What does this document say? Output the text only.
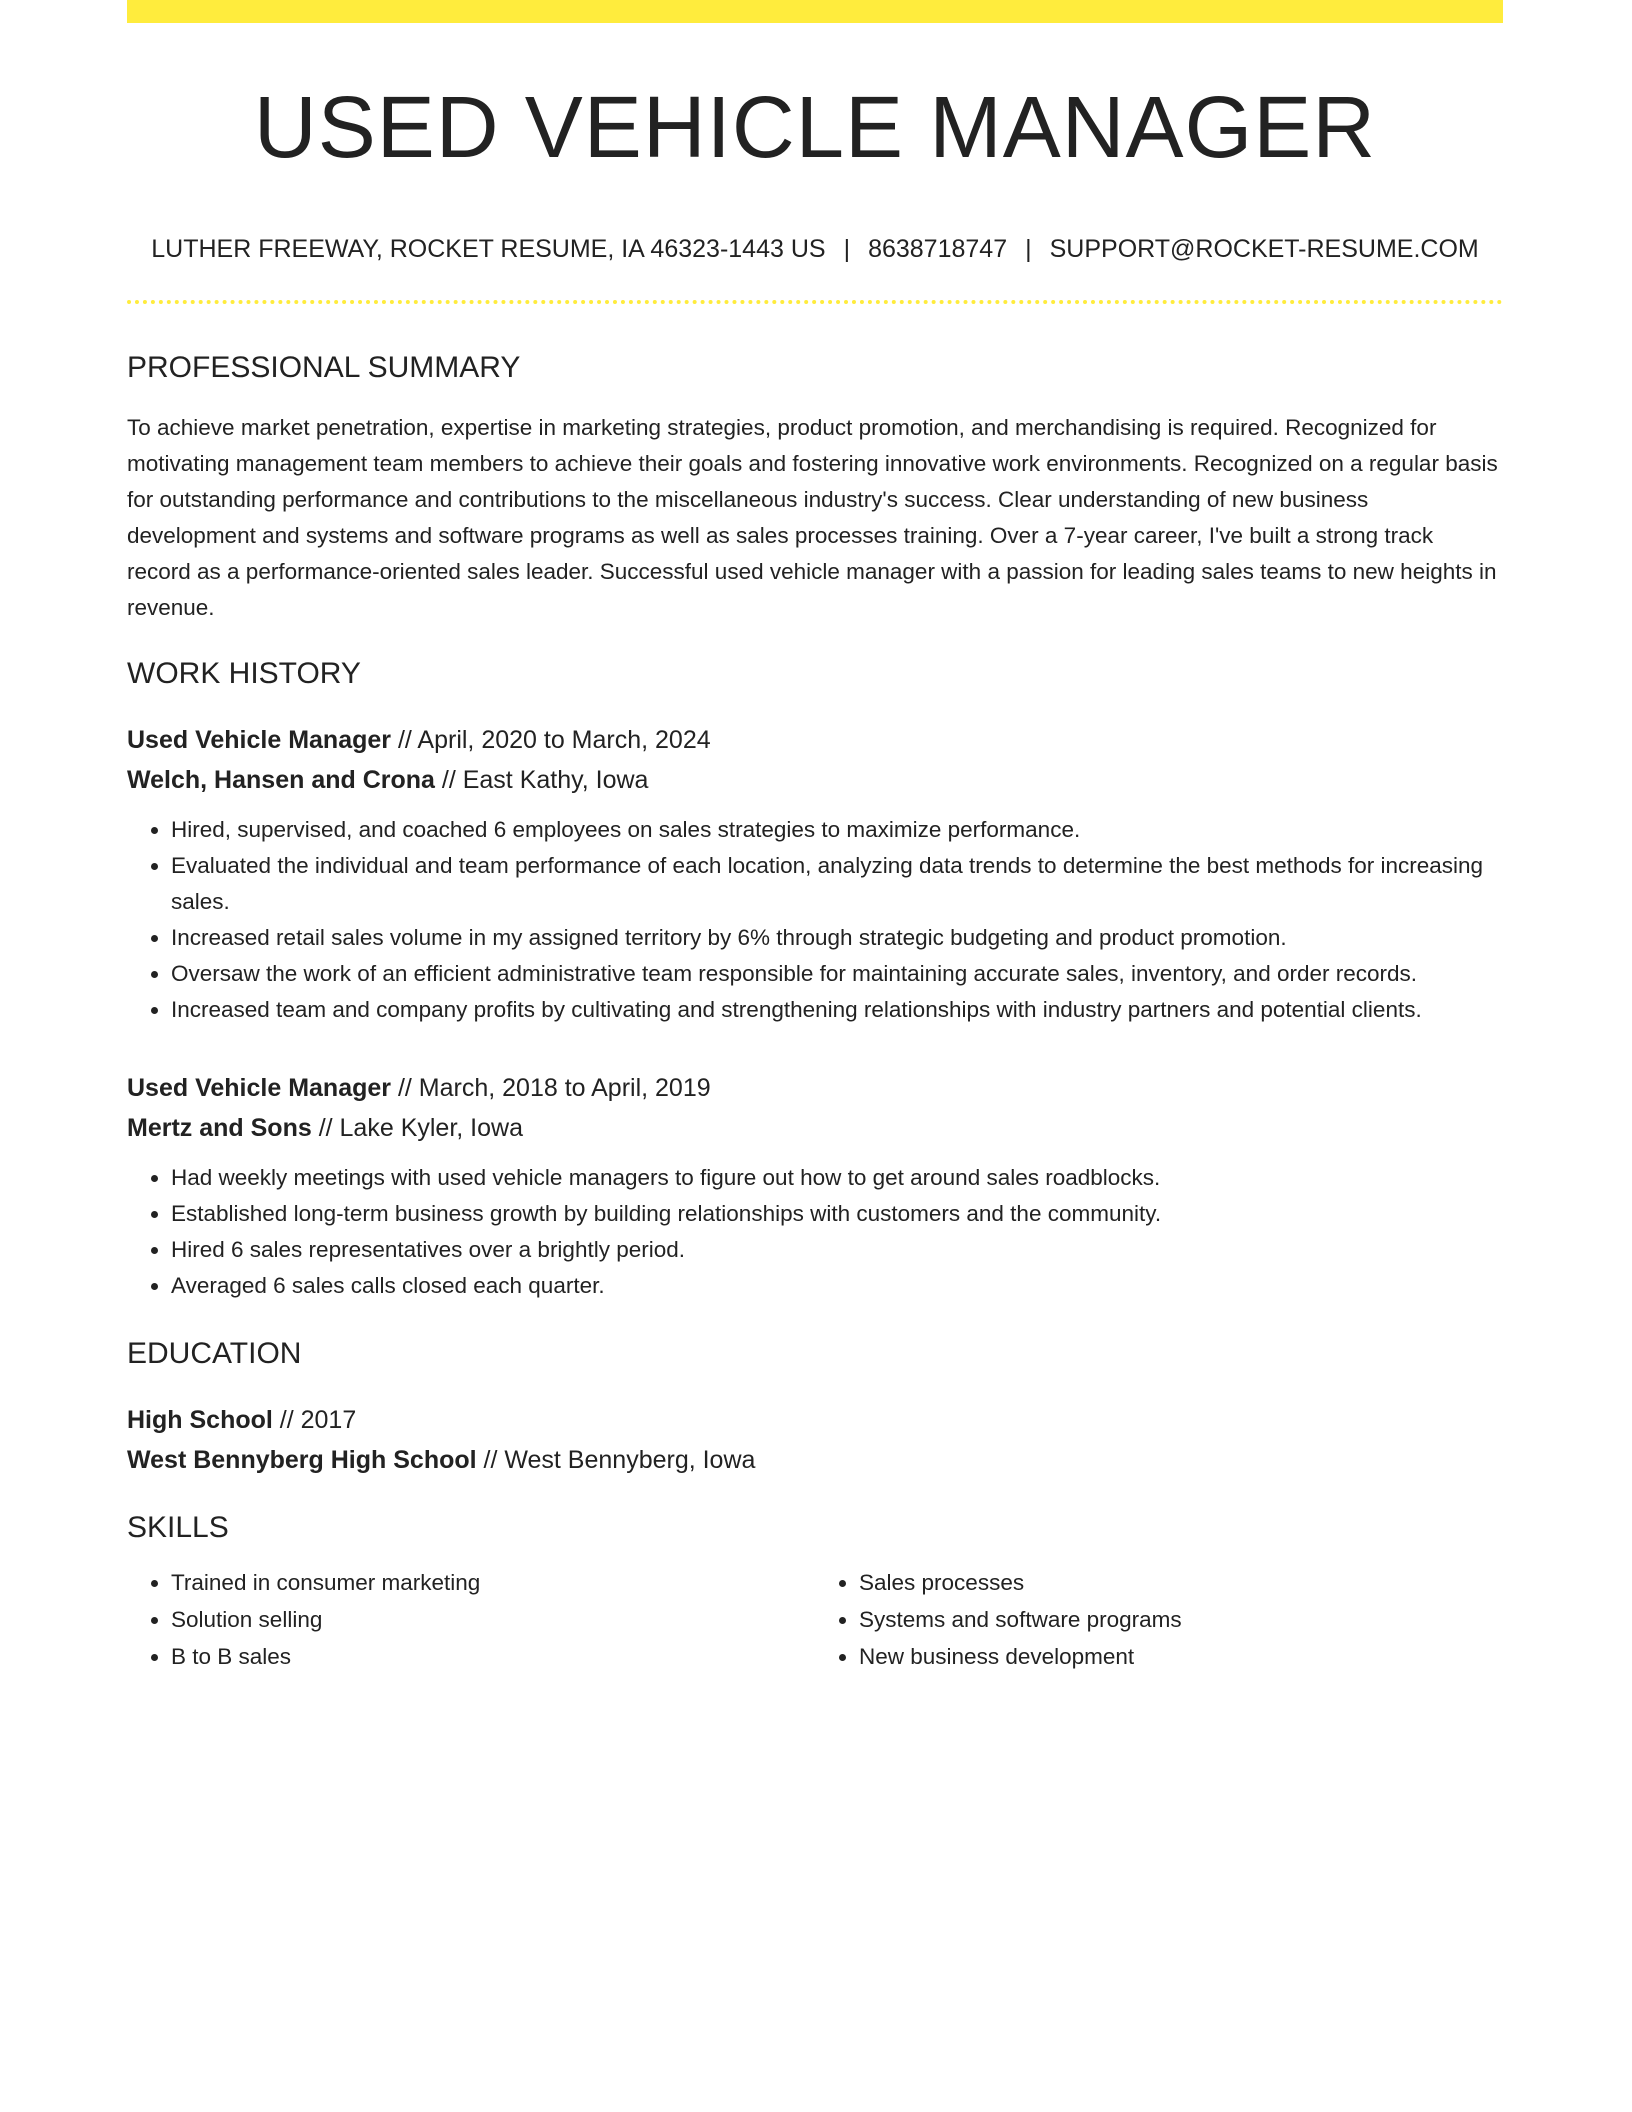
USED VEHICLE MANAGER
LUTHER FREEWAY, ROCKET RESUME, IA 46323-1443 US | 8638718747 | SUPPORT@ROCKET-RESUME.COM
PROFESSIONAL SUMMARY
To achieve market penetration, expertise in marketing strategies, product promotion, and merchandising is required. Recognized for motivating management team members to achieve their goals and fostering innovative work environments. Recognized on a regular basis for outstanding performance and contributions to the miscellaneous industry's success. Clear understanding of new business development and systems and software programs as well as sales processes training. Over a 7-year career, I've built a strong track record as a performance-oriented sales leader. Successful used vehicle manager with a passion for leading sales teams to new heights in revenue.
WORK HISTORY
Used Vehicle Manager // April, 2020 to March, 2024
Welch, Hansen and Crona // East Kathy, Iowa
• Hired, supervised, and coached 6 employees on sales strategies to maximize performance.
• Evaluated the individual and team performance of each location, analyzing data trends to determine the best methods for increasing sales.
• Increased retail sales volume in my assigned territory by 6% through strategic budgeting and product promotion.
• Oversaw the work of an efficient administrative team responsible for maintaining accurate sales, inventory, and order records.
• Increased team and company profits by cultivating and strengthening relationships with industry partners and potential clients.
Used Vehicle Manager // March, 2018 to April, 2019
Mertz and Sons // Lake Kyler, Iowa
• Had weekly meetings with used vehicle managers to figure out how to get around sales roadblocks.
• Established long-term business growth by building relationships with customers and the community.
• Hired 6 sales representatives over a brightly period.
• Averaged 6 sales calls closed each quarter.
EDUCATION
High School // 2017
West Bennyberg High School // West Bennyberg, Iowa
SKILLS
• Trained in consumer marketing
• Solution selling
• B to B sales
• Sales processes
• Systems and software programs
• New business development
